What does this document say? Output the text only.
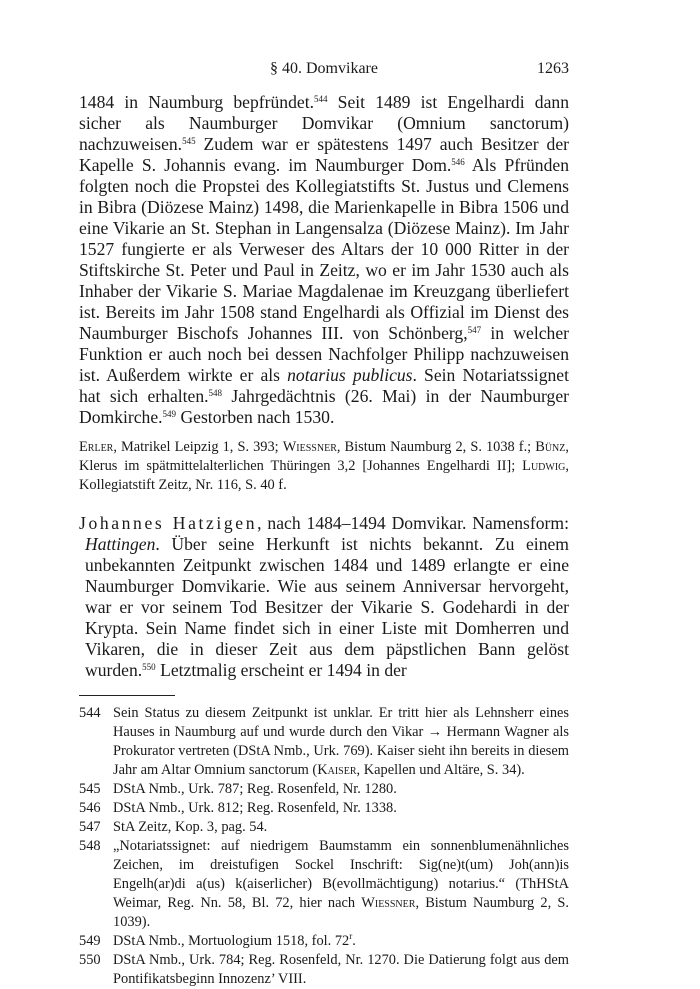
§ 40. Domvikare	1263

1484 in Naumburg bepfründet.$^{544}$ Seit 1489 ist Engelhardi dann sicher als Naumburger Domvikar (Omnium sanctorum) nachzuweisen.$^{545}$ Zudem war er spätestens 1497 auch Besitzer der Kapelle S. Johannis evang. im Naumburger Dom.$^{546}$ Als Pfründen folgten noch die Propstei des Kollegiatstifts St. Justus und Clemens in Bibra (Diözese Mainz) 1498, die Marienkapelle in Bibra 1506 und eine Vikarie an St. Stephan in Langensalza (Diözese Mainz). Im Jahr 1527 fungierte er als Verweser des Altars der 10 000 Ritter in der Stiftskirche St. Peter und Paul in Zeitz, wo er im Jahr 1530 auch als Inhaber der Vikarie S. Mariae Magdalenae im Kreuzgang überliefert ist. Bereits im Jahr 1508 stand Engelhardi als Offizial im Dienst des Naumburger Bischofs Johannes III. von Schönberg,$^{547}$ in welcher Funktion er auch noch bei dessen Nachfolger Philipp nachzuweisen ist. Außerdem wirkte er als notarius publicus. Sein Notariatssignet hat sich erhalten.$^{548}$ Jahrgedächtnis (26. Mai) in der Naumburger Domkirche.$^{549}$ Gestorben nach 1530.

Erler, Matrikel Leipzig 1, S. 393; Wiessner, Bistum Naumburg 2, S. 1038 f.; Bünz, Klerus im spätmittelalterlichen Thüringen 3,2 [Johannes Engelhardi II]; Ludwig, Kollegiatstift Zeitz, Nr. 116, S. 40 f.

Johannes Hatzigen, nach 1484–1494 Domvikar. Namensform: Hattingen. Über seine Herkunft ist nichts bekannt. Zu einem unbekannten Zeitpunkt zwischen 1484 und 1489 erlangte er eine Naumburger Domvikarie. Wie aus seinem Anniversar hervorgeht, war er vor seinem Tod Besitzer der Vikarie S. Godehardi in der Krypta. Sein Name findet sich in einer Liste mit Domherren und Vikaren, die in dieser Zeit aus dem päpstlichen Bann gelöst wurden.$^{550}$ Letztmalig erscheint er 1494 in der

544 Sein Status zu diesem Zeitpunkt ist unklar. Er tritt hier als Lehnsherr eines Hauses in Naumburg auf und wurde durch den Vikar → Hermann Wagner als Prokurator vertreten (DStA Nmb., Urk. 769). Kaiser sieht ihn bereits in diesem Jahr am Altar Omnium sanctorum (Kaiser, Kapellen und Altäre, S. 34).
545 DStA Nmb., Urk. 787; Reg. Rosenfeld, Nr. 1280.
546 DStA Nmb., Urk. 812; Reg. Rosenfeld, Nr. 1338.
547 StA Zeitz, Kop. 3, pag. 54.
548 „Notariatssignet: auf niedrigem Baumstamm ein sonnenblumenähnliches Zeichen, im dreistufigen Sockel Inschrift: Sig(ne)t(um) Joh(ann)is Engelh(ar)di a(us) k(aiserlicher) B(evollmächtigung) notarius.“ (ThHStA Weimar, Reg. Nn. 58, Bl. 72, hier nach Wiessner, Bistum Naumburg 2, S. 1039).
549 DStA Nmb., Mortuologium 1518, fol. 72$^r$.
550 DStA Nmb., Urk. 784; Reg. Rosenfeld, Nr. 1270. Die Datierung folgt aus dem Pontifikatsbeginn Innozenz’ VIII.
